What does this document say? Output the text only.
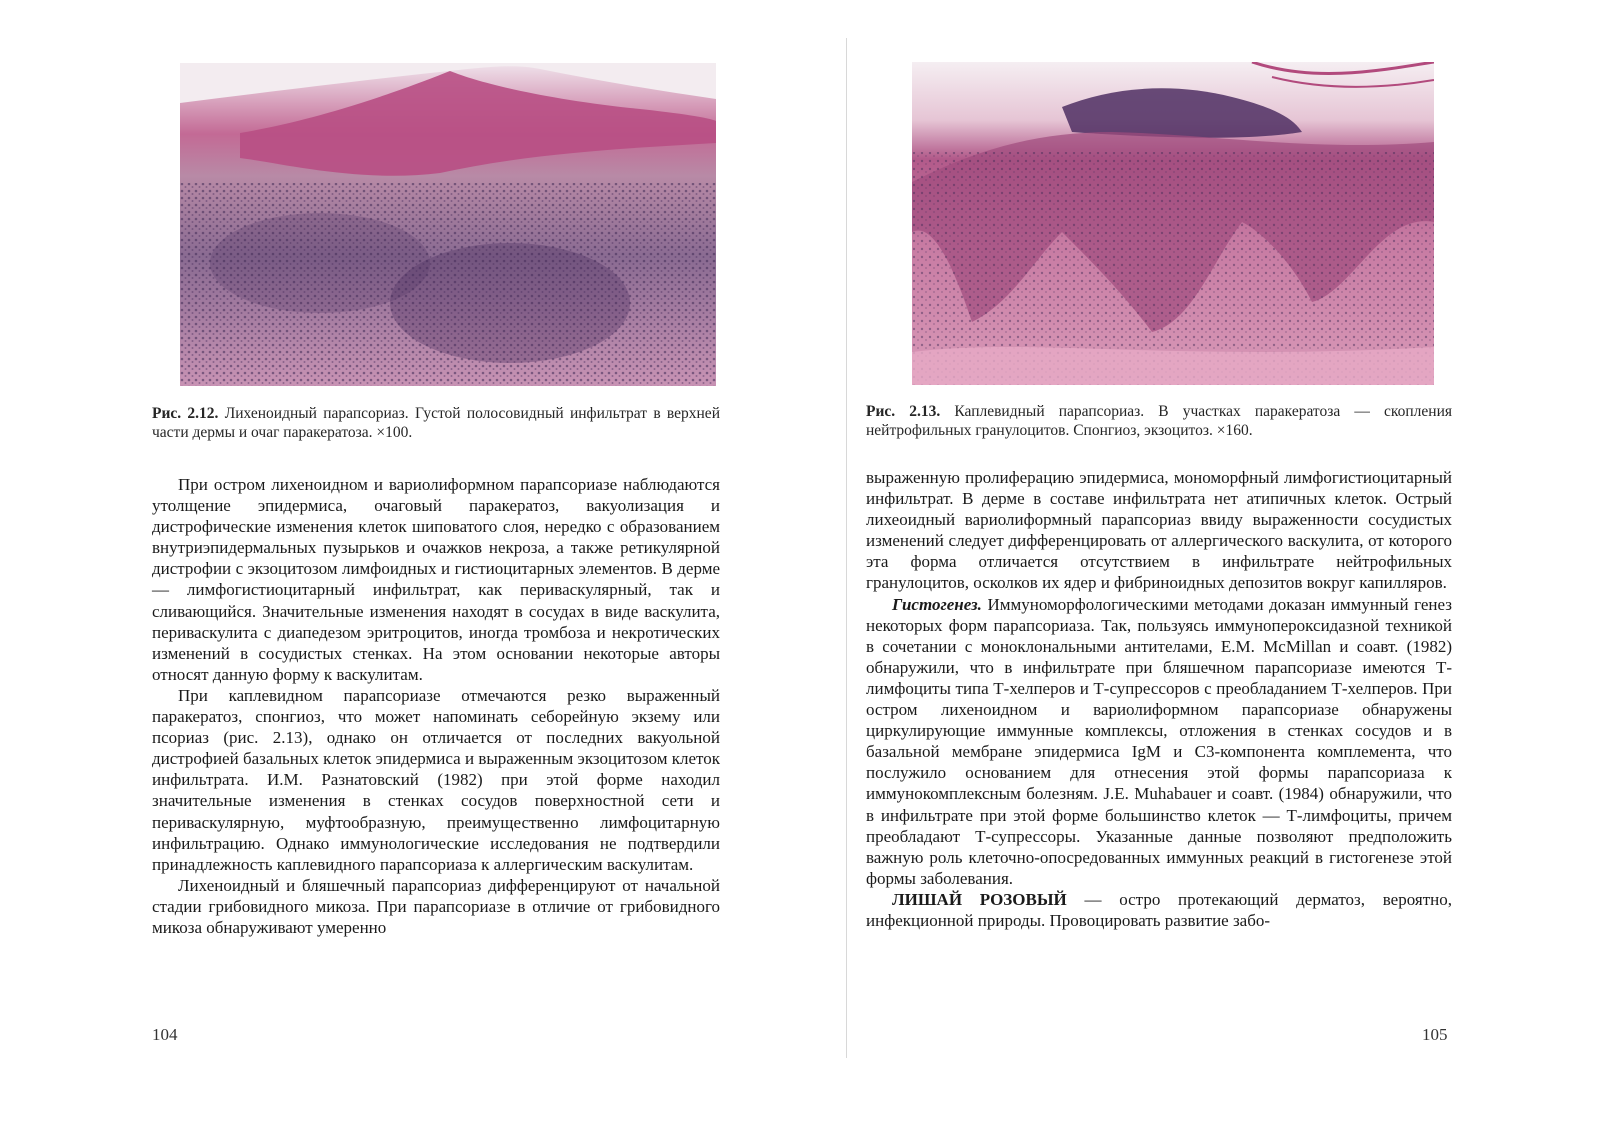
Рис. 2.12. Лихеноидный парапсориаз. Густой полосовидный инфильтрат в верхней части дермы и очаг паракератоза. ×100.

При остром лихеноидном и вариолиформном парапсориазе наблюдаются утолщение эпидермиса, очаговый паракератоз, вакуолизация и дистрофические изменения клеток шиповатого слоя, нередко с образованием внутриэпидермальных пузырьков и очажков некроза, а также ретикулярной дистрофии с экзоцитозом лимфоидных и гистиоцитарных элементов. В дерме — лимфогистиоцитарный инфильтрат, как периваскулярный, так и сливающийся. Значительные изменения находят в сосудах в виде васкулита, периваскулита с диапедезом эритроцитов, иногда тромбоза и некротических изменений в сосудистых стенках. На этом основании некоторые авторы относят данную форму к васкулитам.

При каплевидном парапсориазе отмечаются резко выраженный паракератоз, спонгиоз, что может напоминать себорейную экзему или псориаз (рис. 2.13), однако он отличается от последних вакуольной дистрофией базальных клеток эпидермиса и выраженным экзоцитозом клеток инфильтрата. И.М. Разнатовский (1982) при этой форме находил значительные изменения в стенках сосудов поверхностной сети и периваскулярную, муфтообразную, преимущественно лимфоцитарную инфильтрацию. Однако иммунологические исследования не подтвердили принадлежность каплевидного парапсориаза к аллергическим васкулитам.

Лихеноидный и бляшечный парапсориаз дифференцируют от начальной стадии грибовидного микоза. При парапсориазе в отличие от грибовидного микоза обнаруживают умеренно

104
Рис. 2.13. Каплевидный парапсориаз. В участках паракератоза — скопления нейтрофильных гранулоцитов. Спонгиоз, экзоцитоз. ×160.

выраженную пролиферацию эпидермиса, мономорфный лимфогистиоцитарный инфильтрат. В дерме в составе инфильтрата нет атипичных клеток. Острый лихеоидный вариолиформный парапсориаз ввиду выраженности сосудистых изменений следует дифференцировать от аллергического васкулита, от которого эта форма отличается отсутствием в инфильтрате нейтрофильных гранулоцитов, осколков их ядер и фибриноидных депозитов вокруг капилляров.

Гистогенез. Иммуноморфологическими методами доказан иммунный генез некоторых форм парапсориаза. Так, пользуясь иммунопероксидазной техникой в сочетании с моноклональными антителами, E.M. McMillan и соавт. (1982) обнаружили, что в инфильтрате при бляшечном парапсориазе имеются Т-лимфоциты типа Т-хелперов и Т-супрессоров с преобладанием Т-хелперов. При остром лихеноидном и вариолиформном парапсориазе обнаружены циркулирующие иммунные комплексы, отложения в стенках сосудов и в базальной мембране эпидермиса IgM и С3-компонента комплемента, что послужило основанием для отнесения этой формы парапсориаза к иммунокомплексным болезням. J.E. Muhabauer и соавт. (1984) обнаружили, что в инфильтрате при этой форме большинство клеток — Т-лимфоциты, причем преобладают Т-супрессоры. Указанные данные позволяют предположить важную роль клеточно-опосредованных иммунных реакций в гистогенезе этой формы заболевания.

ЛИШАЙ РОЗОВЫЙ — остро протекающий дерматоз, вероятно, инфекционной природы. Провоцировать развитие забо-

105
